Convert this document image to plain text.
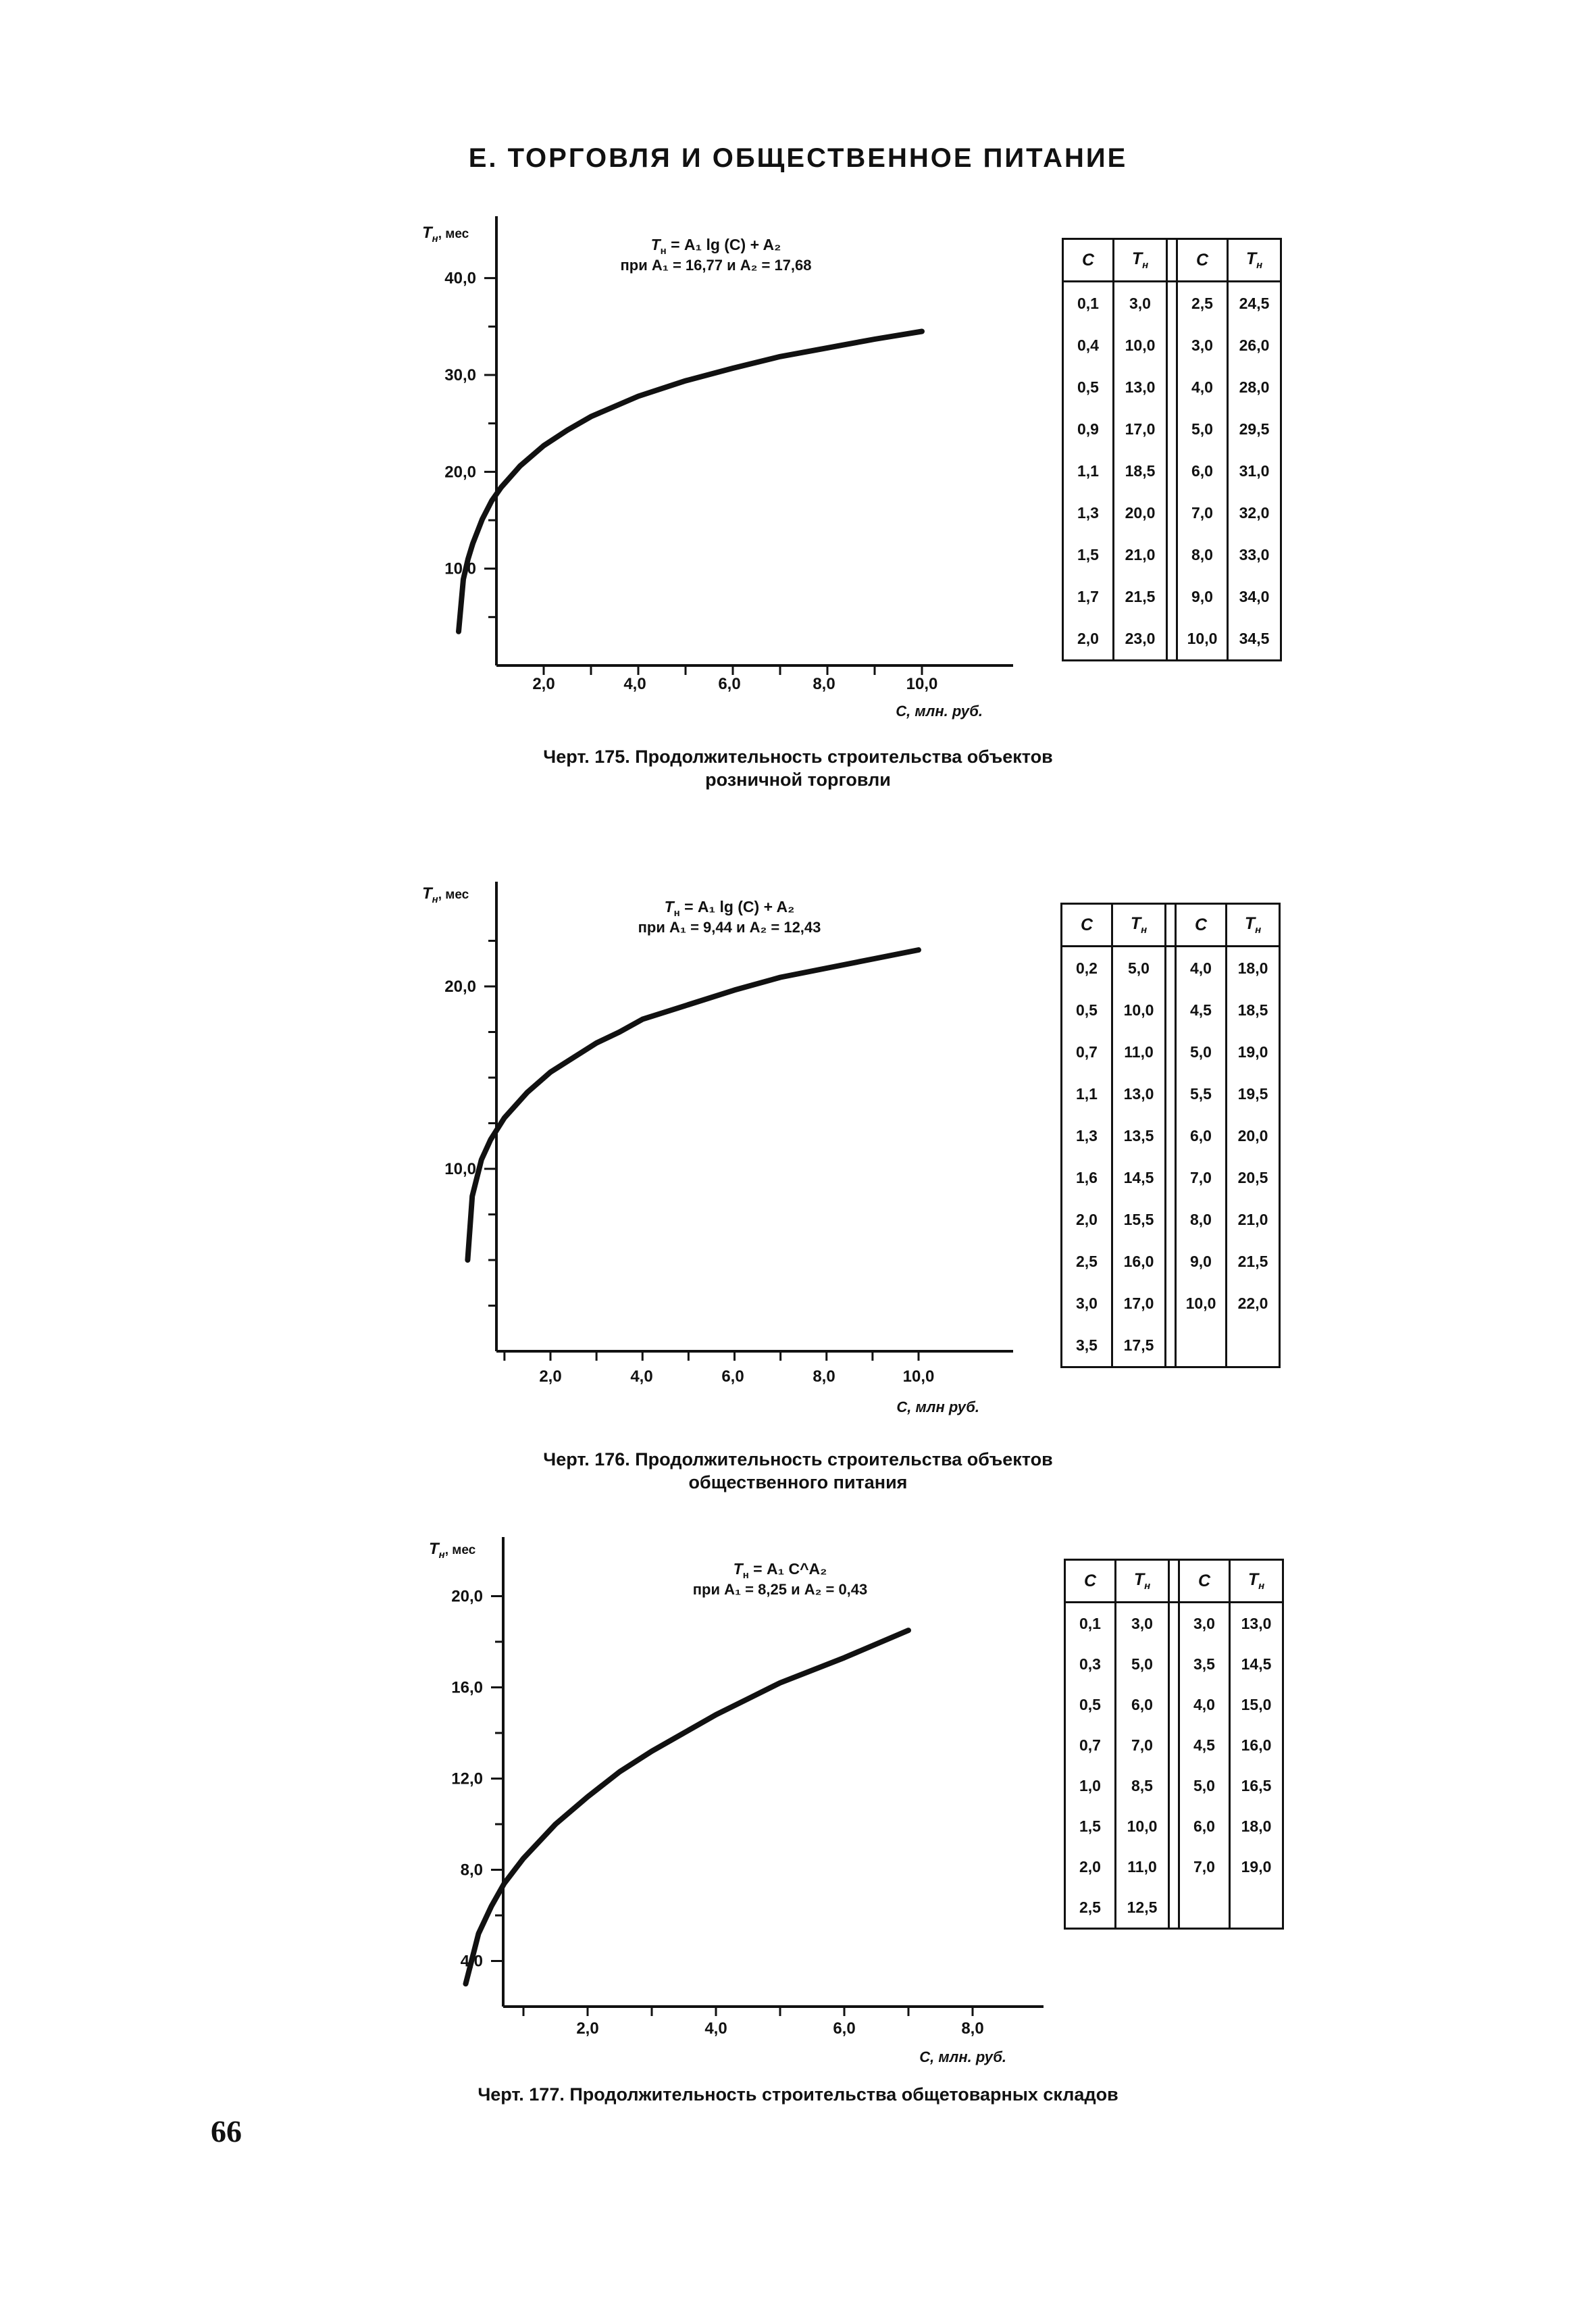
Е. ТОРГОВЛЯ И ОБЩЕСТВЕННОЕ ПИТАНИЕ
10,0
20,0
30,0
40,0
2,0	4,0	6,0	8,0	10,0
$T_н^{, мес}$
С, млн. руб.
$T_н = A_1$ lg (C) + A₂
при A₁ = 16,77 и A₂ = 17,68	С	$T_н$		С	$T_н$
0,1	3,0		2,5	24,5
0,4	10,0		3,0	26,0
0,5	13,0		4,0	28,0
0,9	17,0		5,0	29,5
1,1	18,5		6,0	31,0
1,3	20,0		7,0	32,0
1,5	21,0		8,0	33,0
1,7	21,5		9,0	34,0
2,0	23,0		10,0	34,5
Черт. 175. Продолжительность строительства объектов
розничной торговли
10,0
20,0
2,0	4,0	6,0	8,0	10,0
$T_н^{, мес}$
С, млн руб.
$T_н = A_1$ lg (C) + A₂
при A₁ = 9,44 и A₂ = 12,43	С	$T_н$		С	$T_н$
0,2	5,0		4,0	18,0
0,5	10,0		4,5	18,5
0,7	11,0		5,0	19,0
1,1	13,0		5,5	19,5
1,3	13,5		6,0	20,0
1,6	14,5		7,0	20,5
2,0	15,5		8,0	21,0
2,5	16,0		9,0	21,5
3,0	17,0		10,0	22,0
3,5	17,5			
Черт. 176. Продолжительность строительства объектов
общественного питания
4,0
8,0
12,0
16,0
20,0
2,0	4,0	6,0	8,0
$T_н^{, мес}$
С, млн. руб.
$T_н = A_1$ C^A₂
при A₁ = 8,25 и A₂ = 0,43	С	$T_н$		С	$T_н$
0,1	3,0		3,0	13,0
0,3	5,0		3,5	14,5
0,5	6,0		4,0	15,0
0,7	7,0		4,5	16,0
1,0	8,5		5,0	16,5
1,5	10,0		6,0	18,0
2,0	11,0		7,0	19,0
2,5	12,5			
Черт. 177. Продолжительность строительства общетоварных складов
66
